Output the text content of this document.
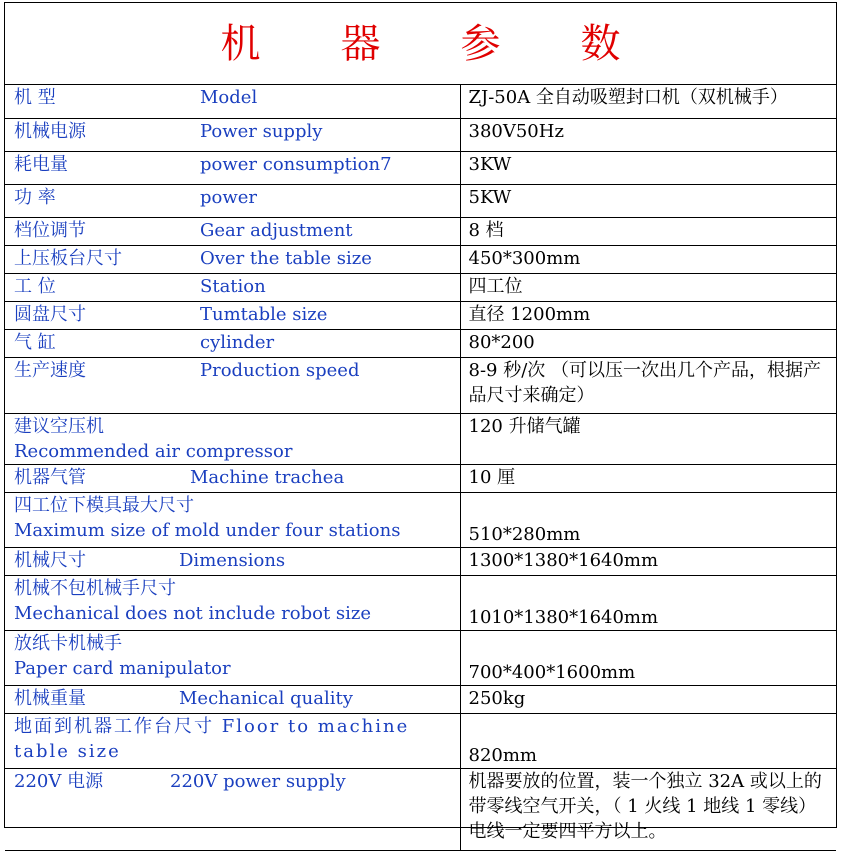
机器参数
机 型 Model	ZJ-50A 全自动吸塑封口机（双机械手）
机械电源 Power supply	380V50Hz
耗电量 power consumption7	3KW
功 率 power	5KW
档位调节 Gear adjustment	8 档
上压板台尺寸 Over the table size	450*300mm
工 位 Station	四工位
圆盘尺寸 Tumtable size	直径 1200mm
气 缸 cylinder	80*200
生产速度 Production speed	8-9 秒/次 （可以压一次出几个产品，根据产品尺寸来确定）
建议空压机Recommended air compressor	120 升储气罐
机器气管 Machine trachea	10 厘

四工位下模具最大尺寸
Maximum size of mold under four stations	510*280mm
机械尺寸 Dimensions	1300*1380*1640mm

机械不包机械手尺寸
Mechanical does not include robot size	1010*1380*1640mm

放纸卡机械手
Paper card manipulator	700*400*1600mm
机械重量 Mechanical quality	250kg
地面到机器工作台尺寸 Floor to machine table size	820mm
220V 电源 220V power supply	机器要放的位置，装一个独立 32A 或以上的带零线空气开关，（ 1 火线 1 地线 1 零线）电线一定要四平方以上。
